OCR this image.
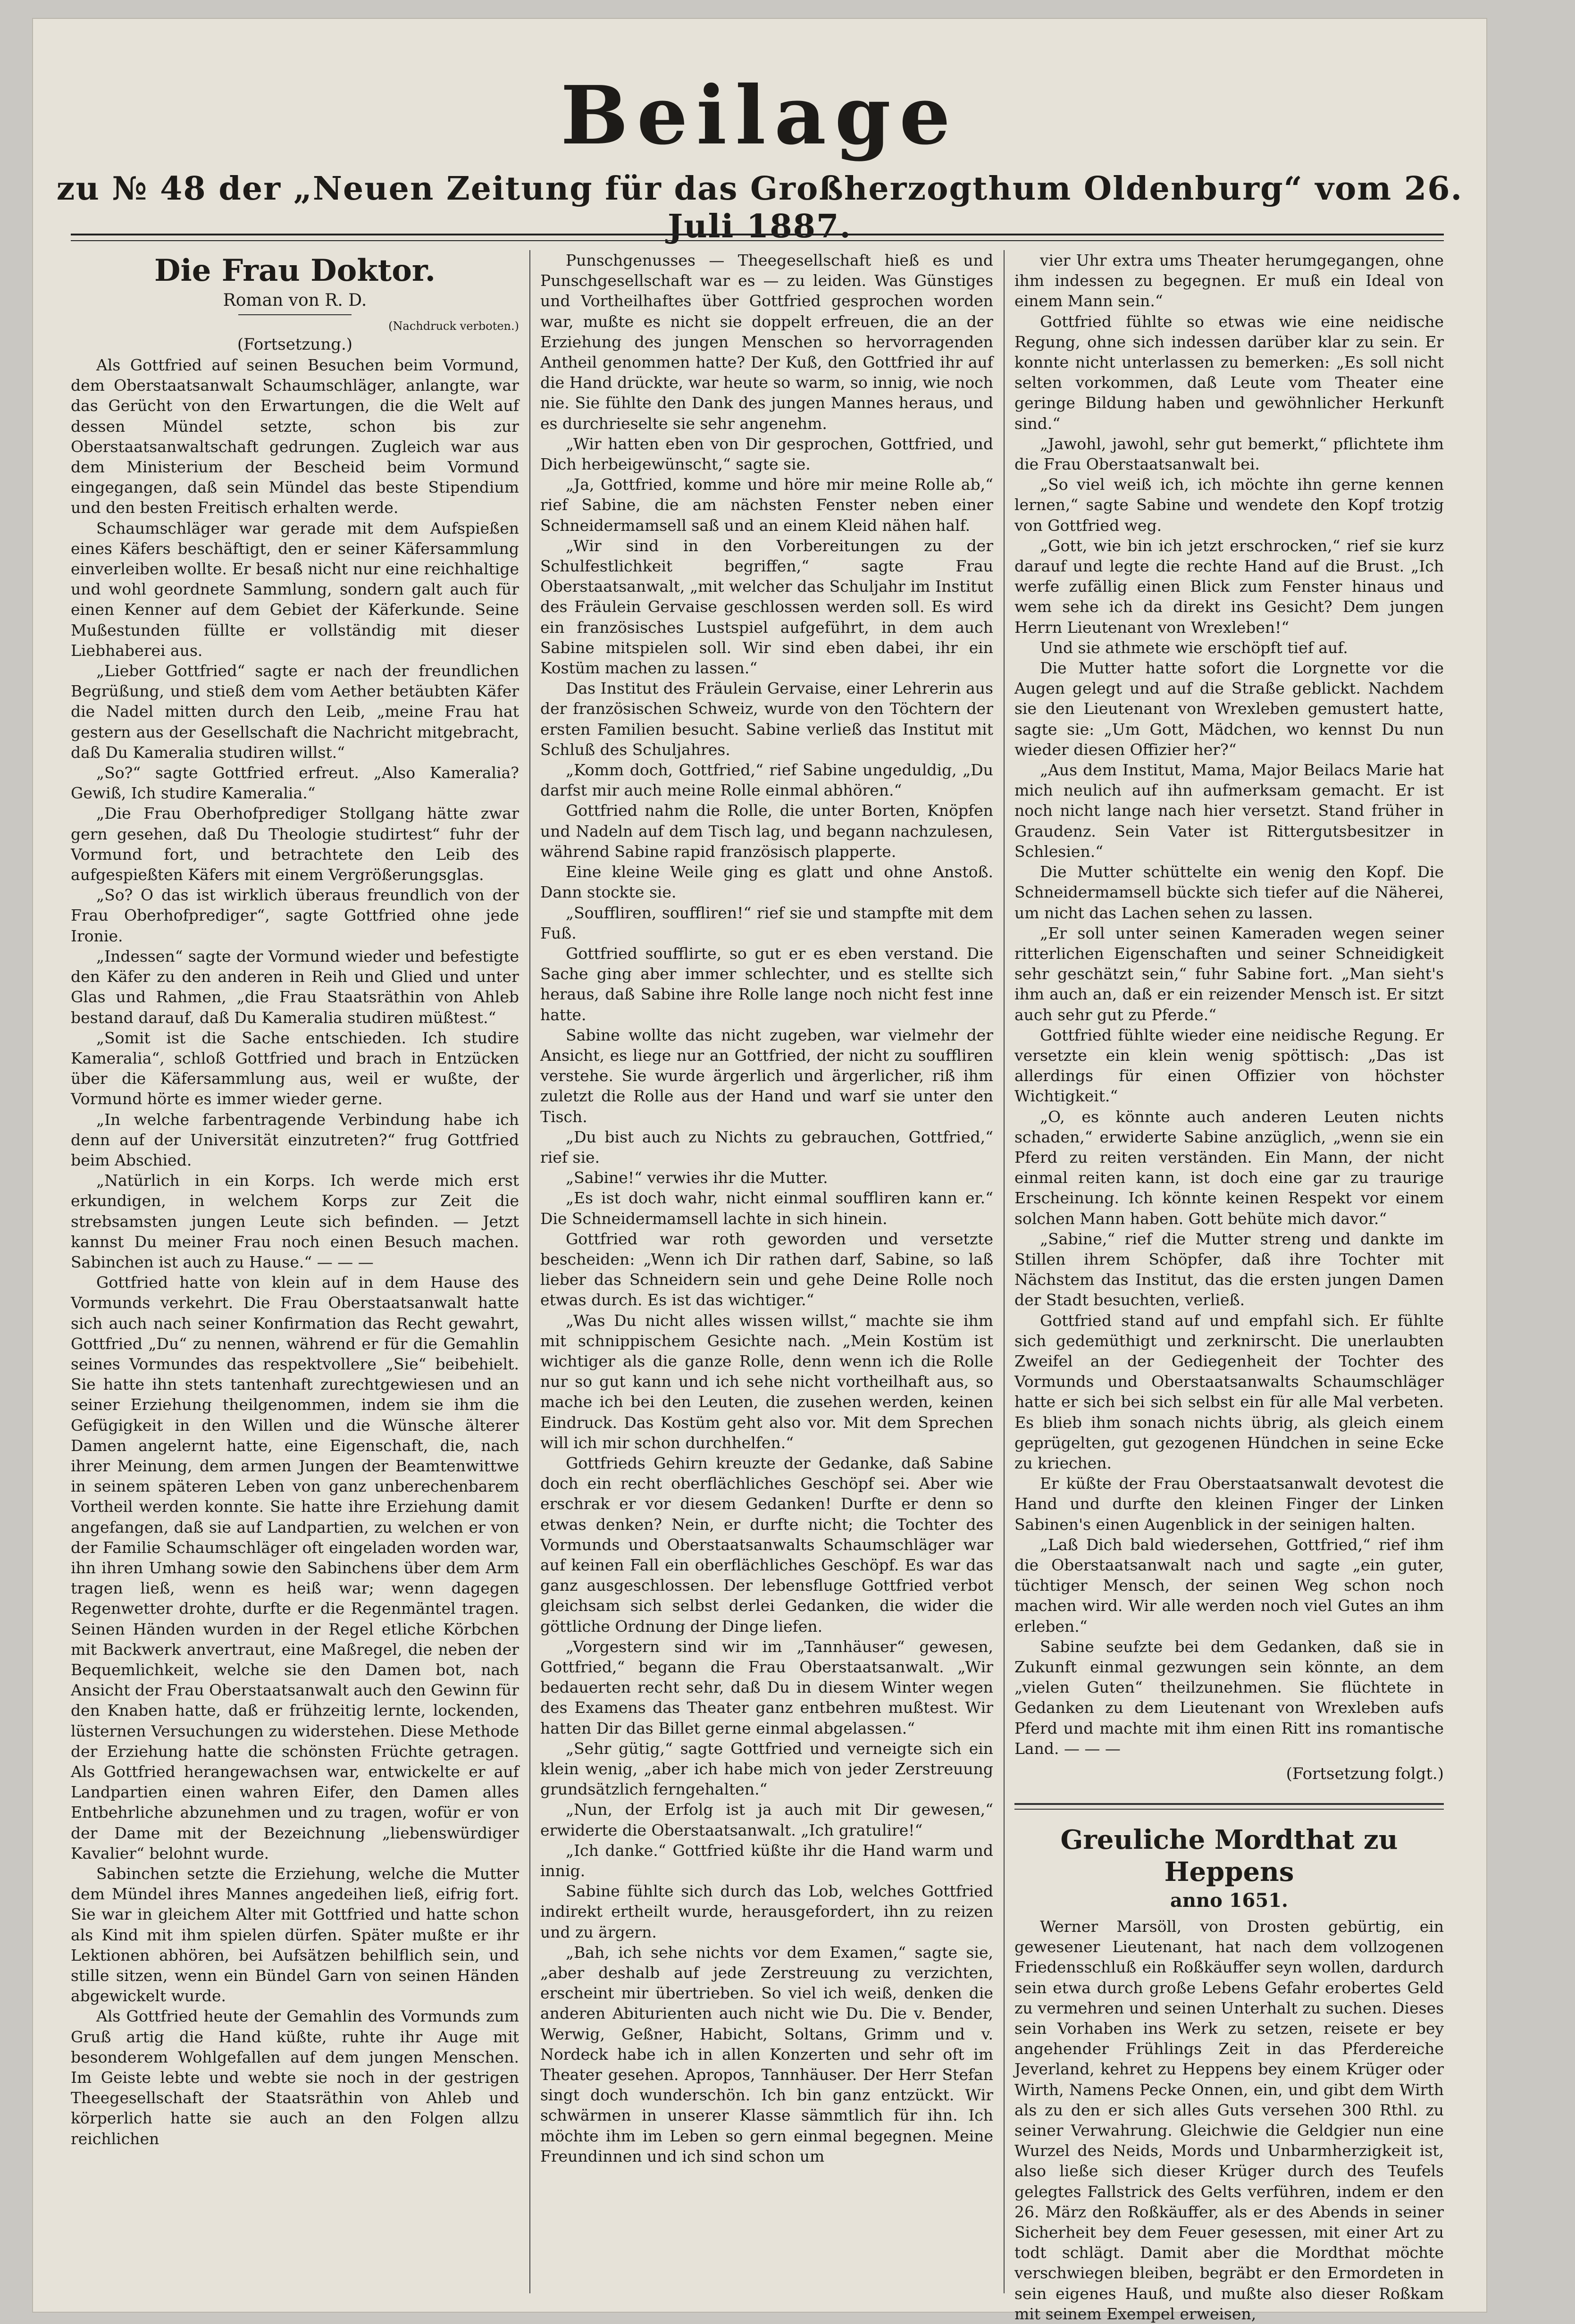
Beilage
zu № 48 der „Neuen Zeitung für das Großherzogthum Oldenburg“ vom 26. Juli 1887.
Die Frau Doktor.
Roman von R. D.
(Nachdruck verboten.)
(Fortsetzung.)

Als Gottfried auf seinen Besuchen beim Vormund, dem Oberstaatsanwalt Schaumschläger, anlangte, war das Gerücht von den Erwartungen, die die Welt auf dessen Mündel setzte, schon bis zur Oberstaatsanwaltschaft gedrungen. Zugleich war aus dem Ministerium der Bescheid beim Vormund eingegangen, daß sein Mündel das beste Stipendium und den besten Freitisch erhalten werde.

Schaumschläger war gerade mit dem Aufspießen eines Käfers beschäftigt, den er seiner Käfersammlung einverleiben wollte. Er besaß nicht nur eine reichhaltige und wohl geordnete Sammlung, sondern galt auch für einen Kenner auf dem Gebiet der Käferkunde. Seine Mußestunden füllte er vollständig mit dieser Liebhaberei aus.

„Lieber Gottfried“ sagte er nach der freundlichen Begrüßung, und stieß dem vom Aether betäubten Käfer die Nadel mitten durch den Leib, „meine Frau hat gestern aus der Gesellschaft die Nachricht mitgebracht, daß Du Kameralia studiren willst.“

„So?“ sagte Gottfried erfreut. „Also Kameralia? Gewiß, Ich studire Kameralia.“

„Die Frau Oberhofprediger Stollgang hätte zwar gern gesehen, daß Du Theologie studirtest“ fuhr der Vormund fort, und betrachtete den Leib des aufgespießten Käfers mit einem Vergrößerungsglas.

„So? O das ist wirklich überaus freundlich von der Frau Oberhofprediger“, sagte Gottfried ohne jede Ironie.

„Indessen“ sagte der Vormund wieder und befestigte den Käfer zu den anderen in Reih und Glied und unter Glas und Rahmen, „die Frau Staatsräthin von Ahleb bestand darauf, daß Du Kameralia studiren müßtest.“

„Somit ist die Sache entschieden. Ich studire Kameralia“, schloß Gottfried und brach in Entzücken über die Käfersammlung aus, weil er wußte, der Vormund hörte es immer wieder gerne.

„In welche farbentragende Verbindung habe ich denn auf der Universität einzutreten?“ frug Gottfried beim Abschied.

„Natürlich in ein Korps. Ich werde mich erst erkundigen, in welchem Korps zur Zeit die strebsamsten jungen Leute sich befinden. — Jetzt kannst Du meiner Frau noch einen Besuch machen. Sabinchen ist auch zu Hause.“ — — —

Gottfried hatte von klein auf in dem Hause des Vormunds verkehrt. Die Frau Oberstaatsanwalt hatte sich auch nach seiner Konfirmation das Recht gewahrt, Gottfried „Du“ zu nennen, während er für die Gemahlin seines Vormundes das respektvollere „Sie“ beibehielt. Sie hatte ihn stets tantenhaft zurechtgewiesen und an seiner Erziehung theilgenommen, indem sie ihm die Gefügigkeit in den Willen und die Wünsche älterer Damen angelernt hatte, eine Eigenschaft, die, nach ihrer Meinung, dem armen Jungen der Beamtenwittwe in seinem späteren Leben von ganz unberechenbarem Vortheil werden konnte. Sie hatte ihre Erziehung damit angefangen, daß sie auf Landpartien, zu welchen er von der Familie Schaumschläger oft eingeladen worden war, ihn ihren Umhang sowie den Sabinchens über dem Arm tragen ließ, wenn es heiß war; wenn dagegen Regenwetter drohte, durfte er die Regenmäntel tragen. Seinen Händen wurden in der Regel etliche Körbchen mit Backwerk anvertraut, eine Maßregel, die neben der Bequemlichkeit, welche sie den Damen bot, nach Ansicht der Frau Oberstaatsanwalt auch den Gewinn für den Knaben hatte, daß er frühzeitig lernte, lockenden, lüsternen Versuchungen zu widerstehen. Diese Methode der Erziehung hatte die schönsten Früchte getragen. Als Gottfried herangewachsen war, entwickelte er auf Landpartien einen wahren Eifer, den Damen alles Entbehrliche abzunehmen und zu tragen, wofür er von der Dame mit der Bezeichnung „liebenswürdiger Kavalier“ belohnt wurde.

Sabinchen setzte die Erziehung, welche die Mutter dem Mündel ihres Mannes angedeihen ließ, eifrig fort. Sie war in gleichem Alter mit Gottfried und hatte schon als Kind mit ihm spielen dürfen. Später mußte er ihr Lektionen abhören, bei Aufsätzen behilflich sein, und stille sitzen, wenn ein Bündel Garn von seinen Händen abgewickelt wurde.

Als Gottfried heute der Gemahlin des Vormunds zum Gruß artig die Hand küßte, ruhte ihr Auge mit besonderem Wohlgefallen auf dem jungen Menschen. Im Geiste lebte und webte sie noch in der gestrigen Theegesellschaft der Staatsräthin von Ahleb und körperlich hatte sie auch an den Folgen allzu reichlichen

Punschgenusses — Theegesellschaft hieß es und Punschgesellschaft war es — zu leiden. Was Günstiges und Vortheilhaftes über Gottfried gesprochen worden war, mußte es nicht sie doppelt erfreuen, die an der Erziehung des jungen Menschen so hervorragenden Antheil genommen hatte? Der Kuß, den Gottfried ihr auf die Hand drückte, war heute so warm, so innig, wie noch nie. Sie fühlte den Dank des jungen Mannes heraus, und es durchrieselte sie sehr angenehm.

„Wir hatten eben von Dir gesprochen, Gottfried, und Dich herbeigewünscht,“ sagte sie.

„Ja, Gottfried, komme und höre mir meine Rolle ab,“ rief Sabine, die am nächsten Fenster neben einer Schneidermamsell saß und an einem Kleid nähen half.

„Wir sind in den Vorbereitungen zu der Schulfestlichkeit begriffen,“ sagte Frau Oberstaatsanwalt, „mit welcher das Schuljahr im Institut des Fräulein Gervaise geschlossen werden soll. Es wird ein französisches Lustspiel aufgeführt, in dem auch Sabine mitspielen soll. Wir sind eben dabei, ihr ein Kostüm machen zu lassen.“

Das Institut des Fräulein Gervaise, einer Lehrerin aus der französischen Schweiz, wurde von den Töchtern der ersten Familien besucht. Sabine verließ das Institut mit Schluß des Schuljahres.

„Komm doch, Gottfried,“ rief Sabine ungeduldig, „Du darfst mir auch meine Rolle einmal abhören.“

Gottfried nahm die Rolle, die unter Borten, Knöpfen und Nadeln auf dem Tisch lag, und begann nachzulesen, während Sabine rapid französisch plapperte.

Eine kleine Weile ging es glatt und ohne Anstoß. Dann stockte sie.

„Souffliren, souffliren!“ rief sie und stampfte mit dem Fuß.

Gottfried soufflirte, so gut er es eben verstand. Die Sache ging aber immer schlechter, und es stellte sich heraus, daß Sabine ihre Rolle lange noch nicht fest inne hatte.

Sabine wollte das nicht zugeben, war vielmehr der Ansicht, es liege nur an Gottfried, der nicht zu souffliren verstehe. Sie wurde ärgerlich und ärgerlicher, riß ihm zuletzt die Rolle aus der Hand und warf sie unter den Tisch.

„Du bist auch zu Nichts zu gebrauchen, Gottfried,“ rief sie.

„Sabine!“ verwies ihr die Mutter.

„Es ist doch wahr, nicht einmal souffliren kann er.“ Die Schneidermamsell lachte in sich hinein.

Gottfried war roth geworden und versetzte bescheiden: „Wenn ich Dir rathen darf, Sabine, so laß lieber das Schneidern sein und gehe Deine Rolle noch etwas durch. Es ist das wichtiger.“

„Was Du nicht alles wissen willst,“ machte sie ihm mit schnippischem Gesichte nach. „Mein Kostüm ist wichtiger als die ganze Rolle, denn wenn ich die Rolle nur so gut kann und ich sehe nicht vortheilhaft aus, so mache ich bei den Leuten, die zusehen werden, keinen Eindruck. Das Kostüm geht also vor. Mit dem Sprechen will ich mir schon durchhelfen.“

Gottfrieds Gehirn kreuzte der Gedanke, daß Sabine doch ein recht oberflächliches Geschöpf sei. Aber wie erschrak er vor diesem Gedanken! Durfte er denn so etwas denken? Nein, er durfte nicht; die Tochter des Vormunds und Oberstaatsanwalts Schaumschläger war auf keinen Fall ein oberflächliches Geschöpf. Es war das ganz ausgeschlossen. Der lebensfluge Gottfried verbot gleichsam sich selbst derlei Gedanken, die wider die göttliche Ordnung der Dinge liefen.

„Vorgestern sind wir im „Tannhäuser“ gewesen, Gottfried,“ begann die Frau Oberstaatsanwalt. „Wir bedauerten recht sehr, daß Du in diesem Winter wegen des Examens das Theater ganz entbehren mußtest. Wir hatten Dir das Billet gerne einmal abgelassen.“

„Sehr gütig,“ sagte Gottfried und verneigte sich ein klein wenig, „aber ich habe mich von jeder Zerstreuung grundsätzlich ferngehalten.“

„Nun, der Erfolg ist ja auch mit Dir gewesen,“ erwiderte die Oberstaatsanwalt. „Ich gratulire!“

„Ich danke.“ Gottfried küßte ihr die Hand warm und innig.

Sabine fühlte sich durch das Lob, welches Gottfried indirekt ertheilt wurde, herausgefordert, ihn zu reizen und zu ärgern.

„Bah, ich sehe nichts vor dem Examen,“ sagte sie, „aber deshalb auf jede Zerstreuung zu verzichten, erscheint mir übertrieben. So viel ich weiß, denken die anderen Abiturienten auch nicht wie Du. Die v. Bender, Werwig, Geßner, Habicht, Soltans, Grimm und v. Nordeck habe ich in allen Konzerten und sehr oft im Theater gesehen. Apropos, Tannhäuser. Der Herr Stefan singt doch wunderschön. Ich bin ganz entzückt. Wir schwärmen in unserer Klasse sämmtlich für ihn. Ich möchte ihm im Leben so gern einmal begegnen. Meine Freundinnen und ich sind schon um

vier Uhr extra ums Theater herumgegangen, ohne ihm indessen zu begegnen. Er muß ein Ideal von einem Mann sein.“

Gottfried fühlte so etwas wie eine neidische Regung, ohne sich indessen darüber klar zu sein. Er konnte nicht unterlassen zu bemerken: „Es soll nicht selten vorkommen, daß Leute vom Theater eine geringe Bildung haben und gewöhnlicher Herkunft sind.“

„Jawohl, jawohl, sehr gut bemerkt,“ pflichtete ihm die Frau Oberstaatsanwalt bei.

„So viel weiß ich, ich möchte ihn gerne kennen lernen,“ sagte Sabine und wendete den Kopf trotzig von Gottfried weg.

„Gott, wie bin ich jetzt erschrocken,“ rief sie kurz darauf und legte die rechte Hand auf die Brust. „Ich werfe zufällig einen Blick zum Fenster hinaus und wem sehe ich da direkt ins Gesicht? Dem jungen Herrn Lieutenant von Wrexleben!“

Und sie athmete wie erschöpft tief auf.

Die Mutter hatte sofort die Lorgnette vor die Augen gelegt und auf die Straße geblickt. Nachdem sie den Lieutenant von Wrexleben gemustert hatte, sagte sie: „Um Gott, Mädchen, wo kennst Du nun wieder diesen Offizier her?“

„Aus dem Institut, Mama, Major Beilacs Marie hat mich neulich auf ihn aufmerksam gemacht. Er ist noch nicht lange nach hier versetzt. Stand früher in Graudenz. Sein Vater ist Rittergutsbesitzer in Schlesien.“

Die Mutter schüttelte ein wenig den Kopf. Die Schneidermamsell bückte sich tiefer auf die Näherei, um nicht das Lachen sehen zu lassen.

„Er soll unter seinen Kameraden wegen seiner ritterlichen Eigenschaften und seiner Schneidigkeit sehr geschätzt sein,“ fuhr Sabine fort. „Man sieht's ihm auch an, daß er ein reizender Mensch ist. Er sitzt auch sehr gut zu Pferde.“

Gottfried fühlte wieder eine neidische Regung. Er versetzte ein klein wenig spöttisch: „Das ist allerdings für einen Offizier von höchster Wichtigkeit.“

„O, es könnte auch anderen Leuten nichts schaden,“ erwiderte Sabine anzüglich, „wenn sie ein Pferd zu reiten verständen. Ein Mann, der nicht einmal reiten kann, ist doch eine gar zu traurige Erscheinung. Ich könnte keinen Respekt vor einem solchen Mann haben. Gott behüte mich davor.“

„Sabine,“ rief die Mutter streng und dankte im Stillen ihrem Schöpfer, daß ihre Tochter mit Nächstem das Institut, das die ersten jungen Damen der Stadt besuchten, verließ.

Gottfried stand auf und empfahl sich. Er fühlte sich gedemüthigt und zerknirscht. Die unerlaubten Zweifel an der Gediegenheit der Tochter des Vormunds und Oberstaatsanwalts Schaumschläger hatte er sich bei sich selbst ein für alle Mal verbeten. Es blieb ihm sonach nichts übrig, als gleich einem geprügelten, gut gezogenen Hündchen in seine Ecke zu kriechen.

Er küßte der Frau Oberstaatsanwalt devotest die Hand und durfte den kleinen Finger der Linken Sabinen's einen Augenblick in der seinigen halten.

„Laß Dich bald wiedersehen, Gottfried,“ rief ihm die Oberstaatsanwalt nach und sagte „ein guter, tüchtiger Mensch, der seinen Weg schon noch machen wird. Wir alle werden noch viel Gutes an ihm erleben.“

Sabine seufzte bei dem Gedanken, daß sie in Zukunft einmal gezwungen sein könnte, an dem „vielen Guten“ theilzunehmen. Sie flüchtete in Gedanken zu dem Lieutenant von Wrexleben aufs Pferd und machte mit ihm einen Ritt ins romantische Land. — — —

(Fortsetzung folgt.)
Greuliche Mordthat zu Heppens
anno 1651.

Werner Marsöll, von Drosten gebürtig, ein gewesener Lieutenant, hat nach dem vollzogenen Friedensschluß ein Roßkäuffer seyn wollen, dardurch sein etwa durch große Lebens Gefahr erobertes Geld zu vermehren und seinen Unterhalt zu suchen. Dieses sein Vorhaben ins Werk zu setzen, reisete er bey angehender Frühlings Zeit in das Pferdereiche Jeverland, kehret zu Heppens bey einem Krüger oder Wirth, Namens Pecke Onnen, ein, und gibt dem Wirth als zu den er sich alles Guts versehen 300 Rthl. zu seiner Verwahrung. Gleichwie die Geldgier nun eine Wurzel des Neids, Mords und Unbarmherzigkeit ist, also ließe sich dieser Krüger durch des Teufels gelegtes Fallstrick des Gelts verführen, indem er den 26. März den Roßkäuffer, als er des Abends in seiner Sicherheit bey dem Feuer gesessen, mit einer Art zu todt schlägt. Damit aber die Mordthat möchte verschwiegen bleiben, begräbt er den Ermordeten in sein eigenes Hauß, und mußte also dieser Roßkam mit seinem Exempel erweisen,
